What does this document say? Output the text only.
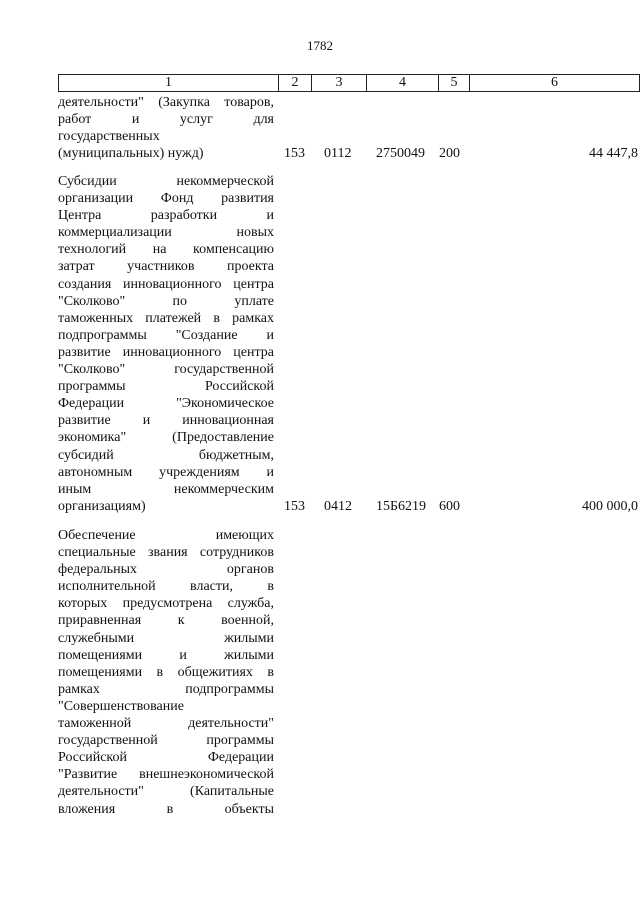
1782
1	2	3	4	5	6
деятельности" (Закупка товаров,
работ и услуг для
государственных
(муниципальных) нужд)	153 0112 2750049 200	44 447,8
Субсидии некоммерческой
организации Фонд развития
Центра разработки и
коммерциализации новых
технологий на компенсацию
затрат участников проекта
создания инновационного центра
"Сколково" по уплате
таможенных платежей в рамках
подпрограммы "Создание и
развитие инновационного центра
"Сколково" государственной
программы Российской
Федерации "Экономическое
развитие и инновационная
экономика" (Предоставление
субсидий бюджетным,
автономным учреждениям и
иным некоммерческим
организациям)	153 0412 15Б6219 600	400 000,0
Обеспечение имеющих
специальные звания сотрудников
федеральных органов
исполнительной власти, в
которых предусмотрена служба,
приравненная к военной,
служебными жилыми
помещениями и жилыми
помещениями в общежитиях в
рамках подпрограммы
"Совершенствование
таможенной деятельности"
государственной программы
Российской Федерации
"Развитие внешнеэкономической
деятельности" (Капитальные
вложения в объекты
